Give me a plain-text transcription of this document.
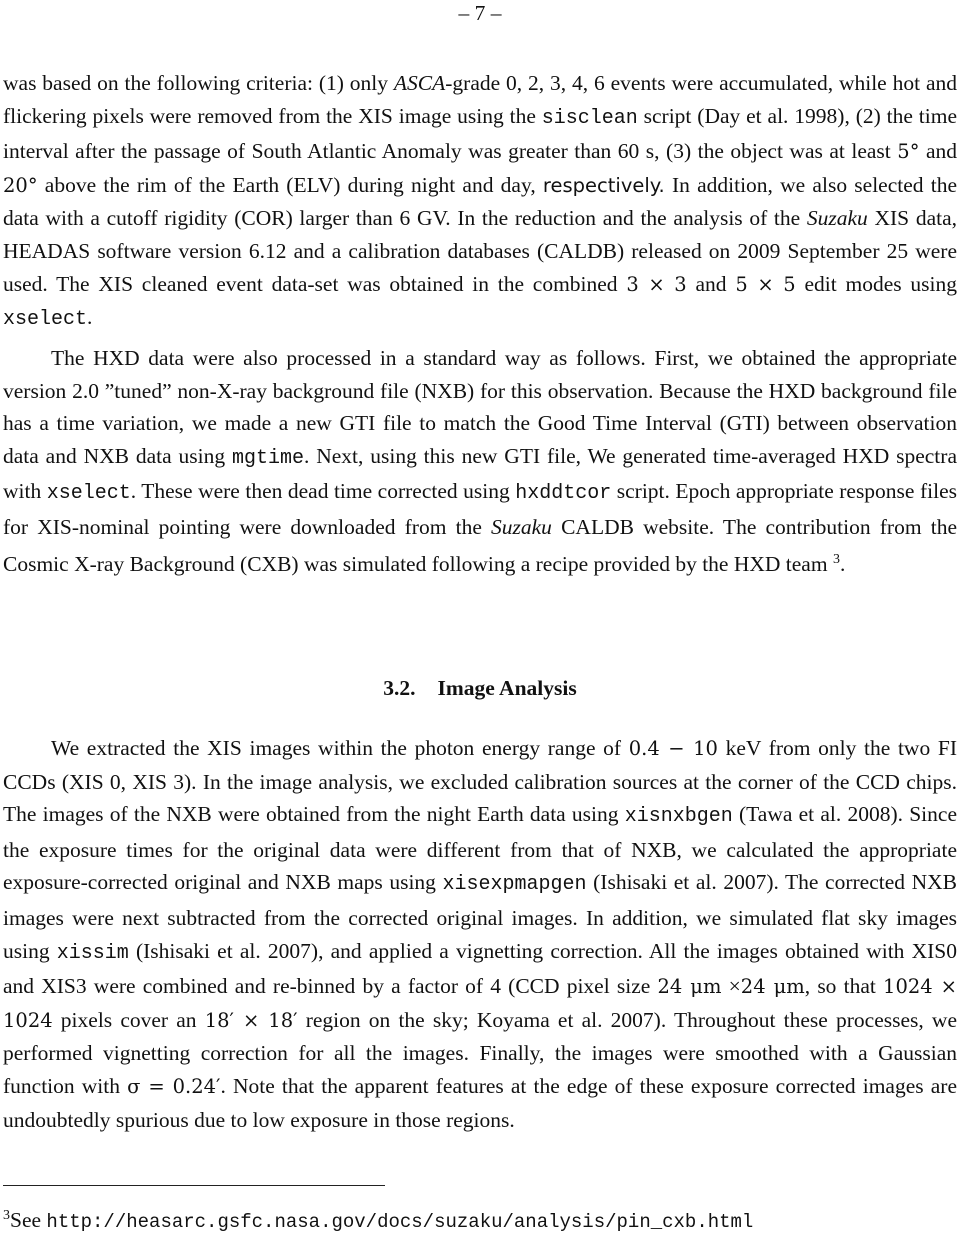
– 7 –

was based on the following criteria: (1) only ASCA-grade 0, 2, 3, 4, 6 events were accumulated, while hot and flickering pixels were removed from the XIS image using the sisclean script (Day et al. 1998), (2) the time interval after the passage of South Atlantic Anomaly was greater than 60 s, (3) the object was at least 5° and 20° above the rim of the Earth (ELV) during night and day, respectively. In addition, we also selected the data with a cutoff rigidity (COR) larger than 6 GV. In the reduction and the analysis of the Suzaku XIS data, HEADAS software version 6.12 and a calibration databases (CALDB) released on 2009 September 25 were used. The XIS cleaned event data-set was obtained in the combined 3 × 3 and 5 × 5 edit modes using xselect.

The HXD data were also processed in a standard way as follows. First, we obtained the appropriate version 2.0 ”tuned” non-X-ray background file (NXB) for this observation. Because the HXD background file has a time variation, we made a new GTI file to match the Good Time Interval (GTI) between observation data and NXB data using mgtime. Next, using this new GTI file, We generated time-averaged HXD spectra with xselect. These were then dead time corrected using hxddtcor script. Epoch appropriate response files for XIS-nominal pointing were downloaded from the Suzaku CALDB website. The contribution from the Cosmic X-ray Background (CXB) was simulated following a recipe provided by the HXD team $^3$.

3.2. Image Analysis

We extracted the XIS images within the photon energy range of 0.4 − 10 keV from only the two FI CCDs (XIS 0, XIS 3). In the image analysis, we excluded calibration sources at the corner of the CCD chips. The images of the NXB were obtained from the night Earth data using xisnxbgen (Tawa et al. 2008). Since the exposure times for the original data were different from that of NXB, we calculated the appropriate exposure-corrected original and NXB maps using xisexpmapgen (Ishisaki et al. 2007). The corrected NXB images were next subtracted from the corrected original images. In addition, we simulated flat sky images using xissim (Ishisaki et al. 2007), and applied a vignetting correction. All the images obtained with XIS0 and XIS3 were combined and re-binned by a factor of 4 (CCD pixel size 24 μm ×24 μm, so that 1024 × 1024 pixels cover an 18′ × 18′ region on the sky; Koyama et al. 2007). Throughout these processes, we performed vignetting correction for all the images. Finally, the images were smoothed with a Gaussian function with σ = 0.24′. Note that the apparent features at the edge of these exposure corrected images are undoubtedly spurious due to low exposure in those regions.

$^3$See http://heasarc.gsfc.nasa.gov/docs/suzaku/analysis/pin_cxb.html
